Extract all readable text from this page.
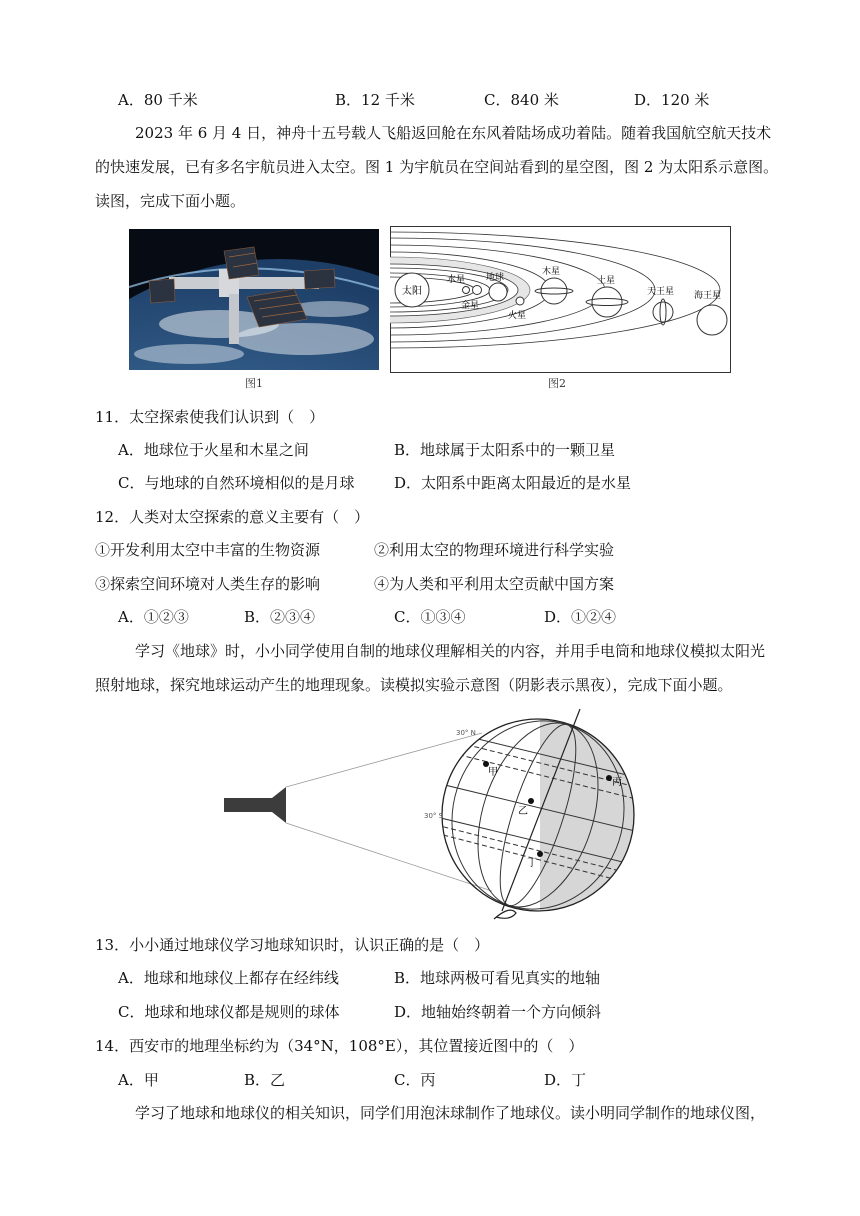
A．80 千米	B．12 千米	C．840 米	D．120 米
2023 年 6 月 4 日，神舟十五号载人飞船返回舱在东风着陆场成功着陆。随着我国航空航天技术
的快速发展，已有多名宇航员进入太空。图 1 为宇航员在空间站看到的星空图，图 2 为太阳系示意图。
读图，完成下面小题。
图1
太阳
水星
金星
地球
火星
木星
土星
天王星 海王星
图2
11．太空探索使我们认识到（　）
A．地球位于火星和木星之间	B．地球属于太阳系中的一颗卫星
C．与地球的自然环境相似的是月球	D．太阳系中距离太阳最近的是水星
12．人类对太空探索的意义主要有（　）
①开发利用太空中丰富的生物资源	②利用太空的物理环境进行科学实验
③探索空间环境对人类生存的影响	④为人类和平利用太空贡献中国方案
A．①②③	B．②③④	C．①③④	D．①②④
学习《地球》时，小小同学使用自制的地球仪理解相关的内容，并用手电筒和地球仪模拟太阳光
照射地球，探究地球运动产生的地理现象。读模拟实验示意图（阴影表示黑夜），完成下面小题。
甲
乙
丙
丁
30° N
30° S
13．小小通过地球仪学习地球知识时，认识正确的是（　）
A．地球和地球仪上都存在经纬线	B．地球两极可看见真实的地轴
C．地球和地球仪都是规则的球体	D．地轴始终朝着一个方向倾斜
14．西安市的地理坐标约为（34°N，108°E），其位置接近图中的（　）
A．甲	B．乙	C．丙	D．丁
学习了地球和地球仪的相关知识，同学们用泡沫球制作了地球仪。读小明同学制作的地球仪图，
